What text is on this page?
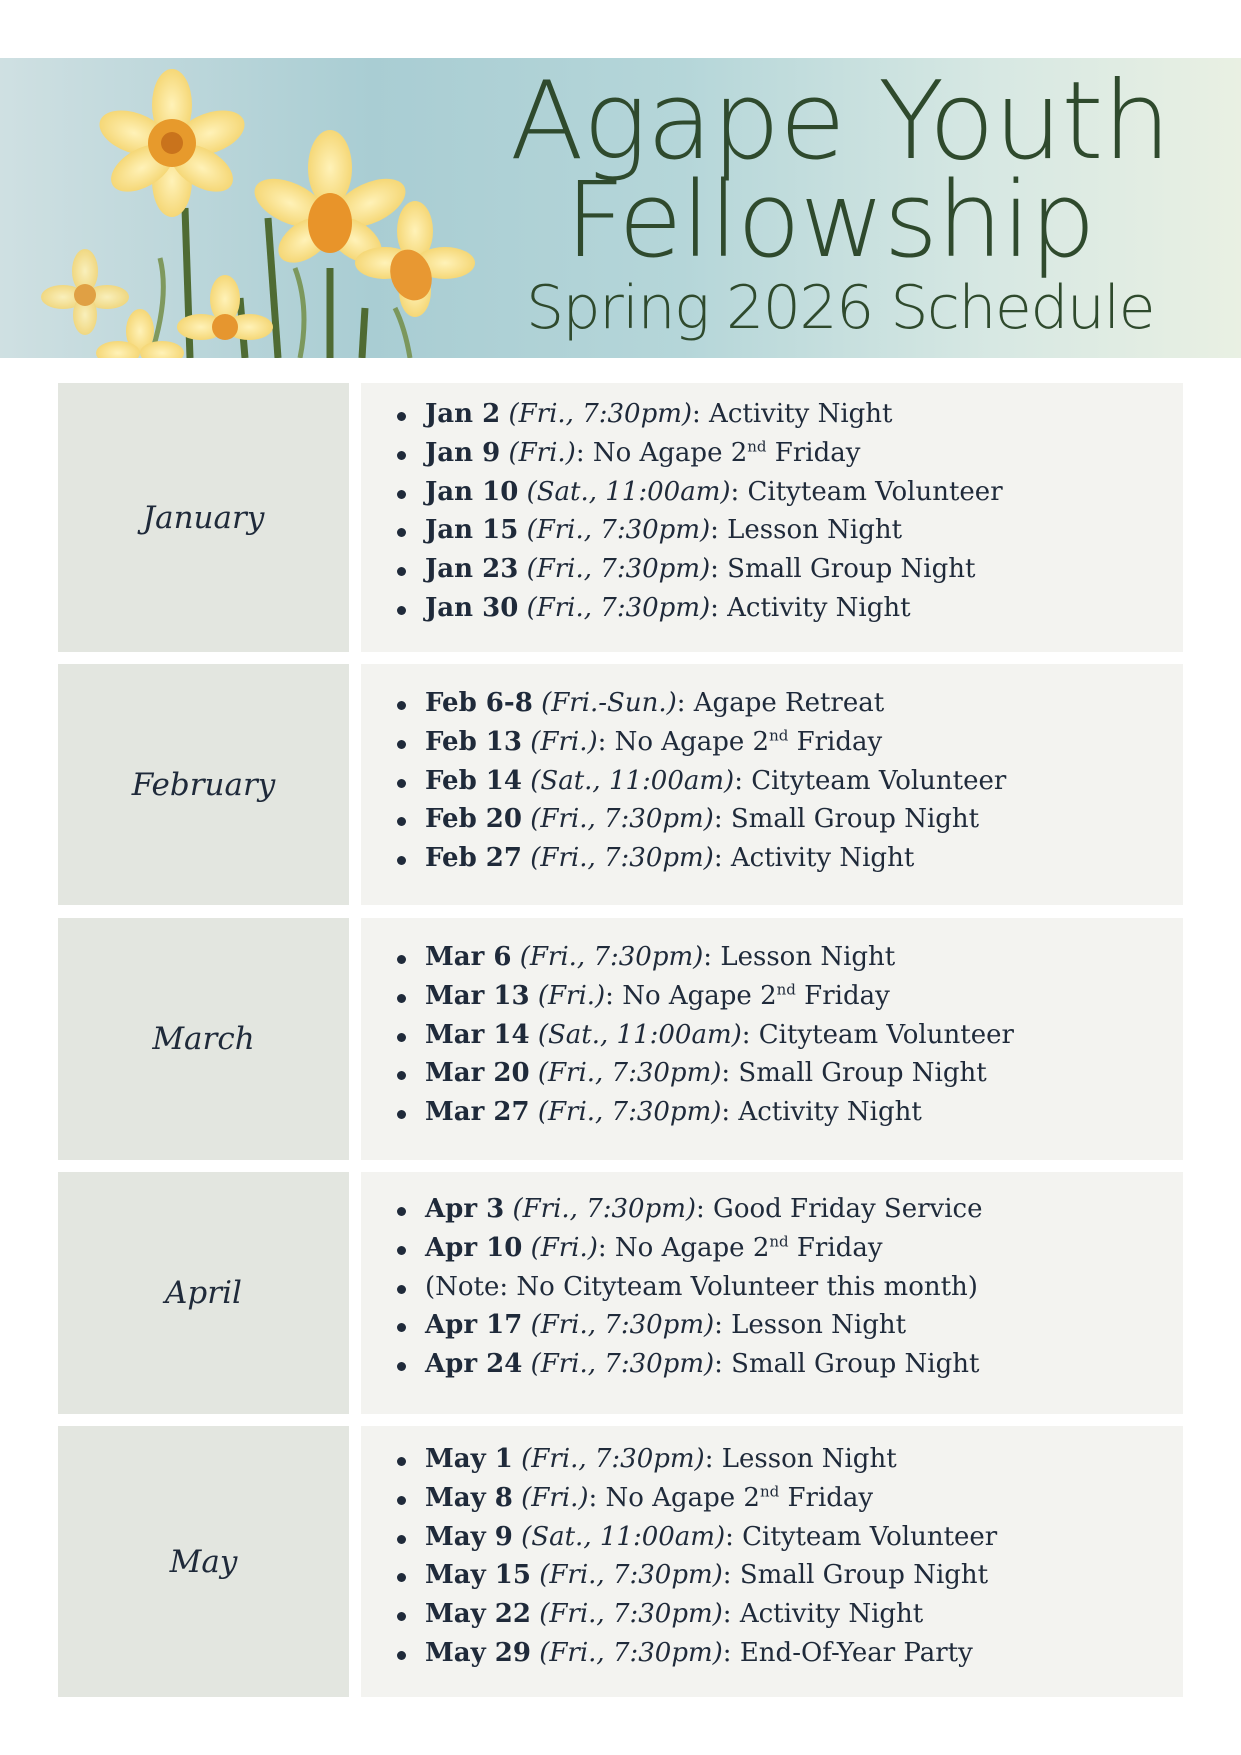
Agape Youth
Fellowship
Spring 2026 Schedule
January
Jan 2 (Fri., 7:30pm): Activity Night
Jan 9 (Fri.): No Agape 2nd Friday
Jan 10 (Sat., 11:00am): Cityteam Volunteer
Jan 15 (Fri., 7:30pm): Lesson Night
Jan 23 (Fri., 7:30pm): Small Group Night
Jan 30 (Fri., 7:30pm): Activity Night
February
Feb 6-8 (Fri.-Sun.): Agape Retreat
Feb 13 (Fri.): No Agape 2nd Friday
Feb 14 (Sat., 11:00am): Cityteam Volunteer
Feb 20 (Fri., 7:30pm): Small Group Night
Feb 27 (Fri., 7:30pm): Activity Night
March
Mar 6 (Fri., 7:30pm): Lesson Night
Mar 13 (Fri.): No Agape 2nd Friday
Mar 14 (Sat., 11:00am): Cityteam Volunteer
Mar 20 (Fri., 7:30pm): Small Group Night
Mar 27 (Fri., 7:30pm): Activity Night
April
Apr 3 (Fri., 7:30pm): Good Friday Service
Apr 10 (Fri.): No Agape 2nd Friday
(Note: No Cityteam Volunteer this month)
Apr 17 (Fri., 7:30pm): Lesson Night
Apr 24 (Fri., 7:30pm): Small Group Night
May
May 1 (Fri., 7:30pm): Lesson Night
May 8 (Fri.): No Agape 2nd Friday
May 9 (Sat., 11:00am): Cityteam Volunteer
May 15 (Fri., 7:30pm): Small Group Night
May 22 (Fri., 7:30pm): Activity Night
May 29 (Fri., 7:30pm): End-Of-Year Party
